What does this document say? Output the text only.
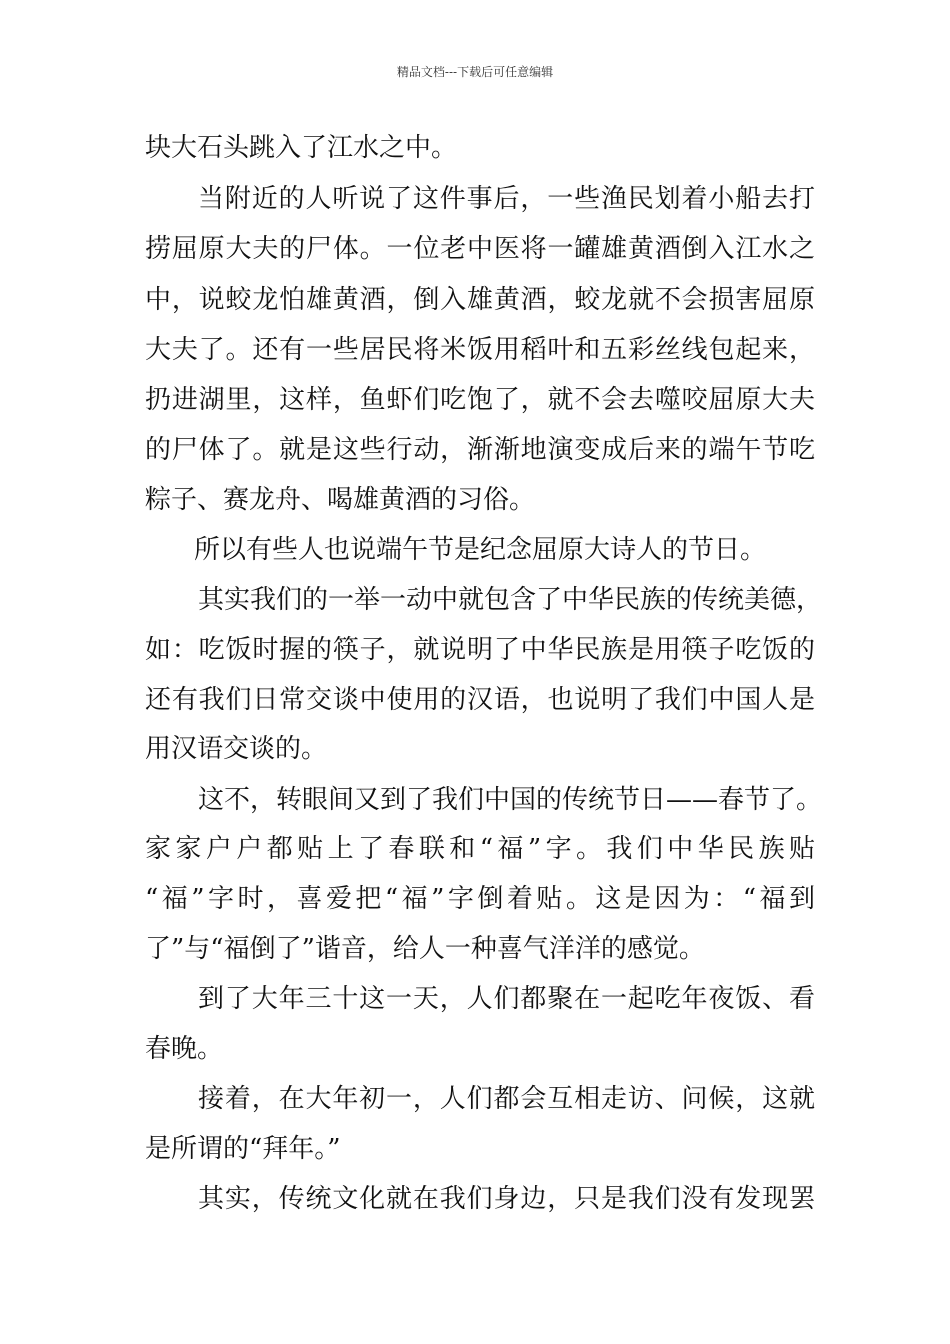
精品文档---下载后可任意编辑
块大石头跳入了江水之中。
当附近的人听说了这件事后，一些渔民划着小船去打
捞屈原大夫的尸体。一位老中医将一罐雄黄酒倒入江水之
中，说蛟龙怕雄黄酒，倒入雄黄酒，蛟龙就不会损害屈原
大夫了。还有一些居民将米饭用稻叶和五彩丝线包起来，
扔进湖里，这样，鱼虾们吃饱了，就不会去噬咬屈原大夫
的尸体了。就是这些行动，渐渐地演变成后来的端午节吃
粽子、赛龙舟、喝雄黄酒的习俗。
所以有些人也说端午节是纪念屈原大诗人的节日。
其实我们的一举一动中就包含了中华民族的传统美德，
如：吃饭时握的筷子，就说明了中华民族是用筷子吃饭的
还有我们日常交谈中使用的汉语，也说明了我们中国人是
用汉语交谈的。
这不，转眼间又到了我们中国的传统节日——春节了。
家家户户都贴上了春联和“福”字。我们中华民族贴
“福”字时，喜爱把“福”字倒着贴。这是因为：“福到
了”与“福倒了”谐音，给人一种喜气洋洋的感觉。
到了大年三十这一天，人们都聚在一起吃年夜饭、看
春晚。
接着，在大年初一，人们都会互相走访、问候，这就
是所谓的“拜年。”
其实，传统文化就在我们身边，只是我们没有发现罢
